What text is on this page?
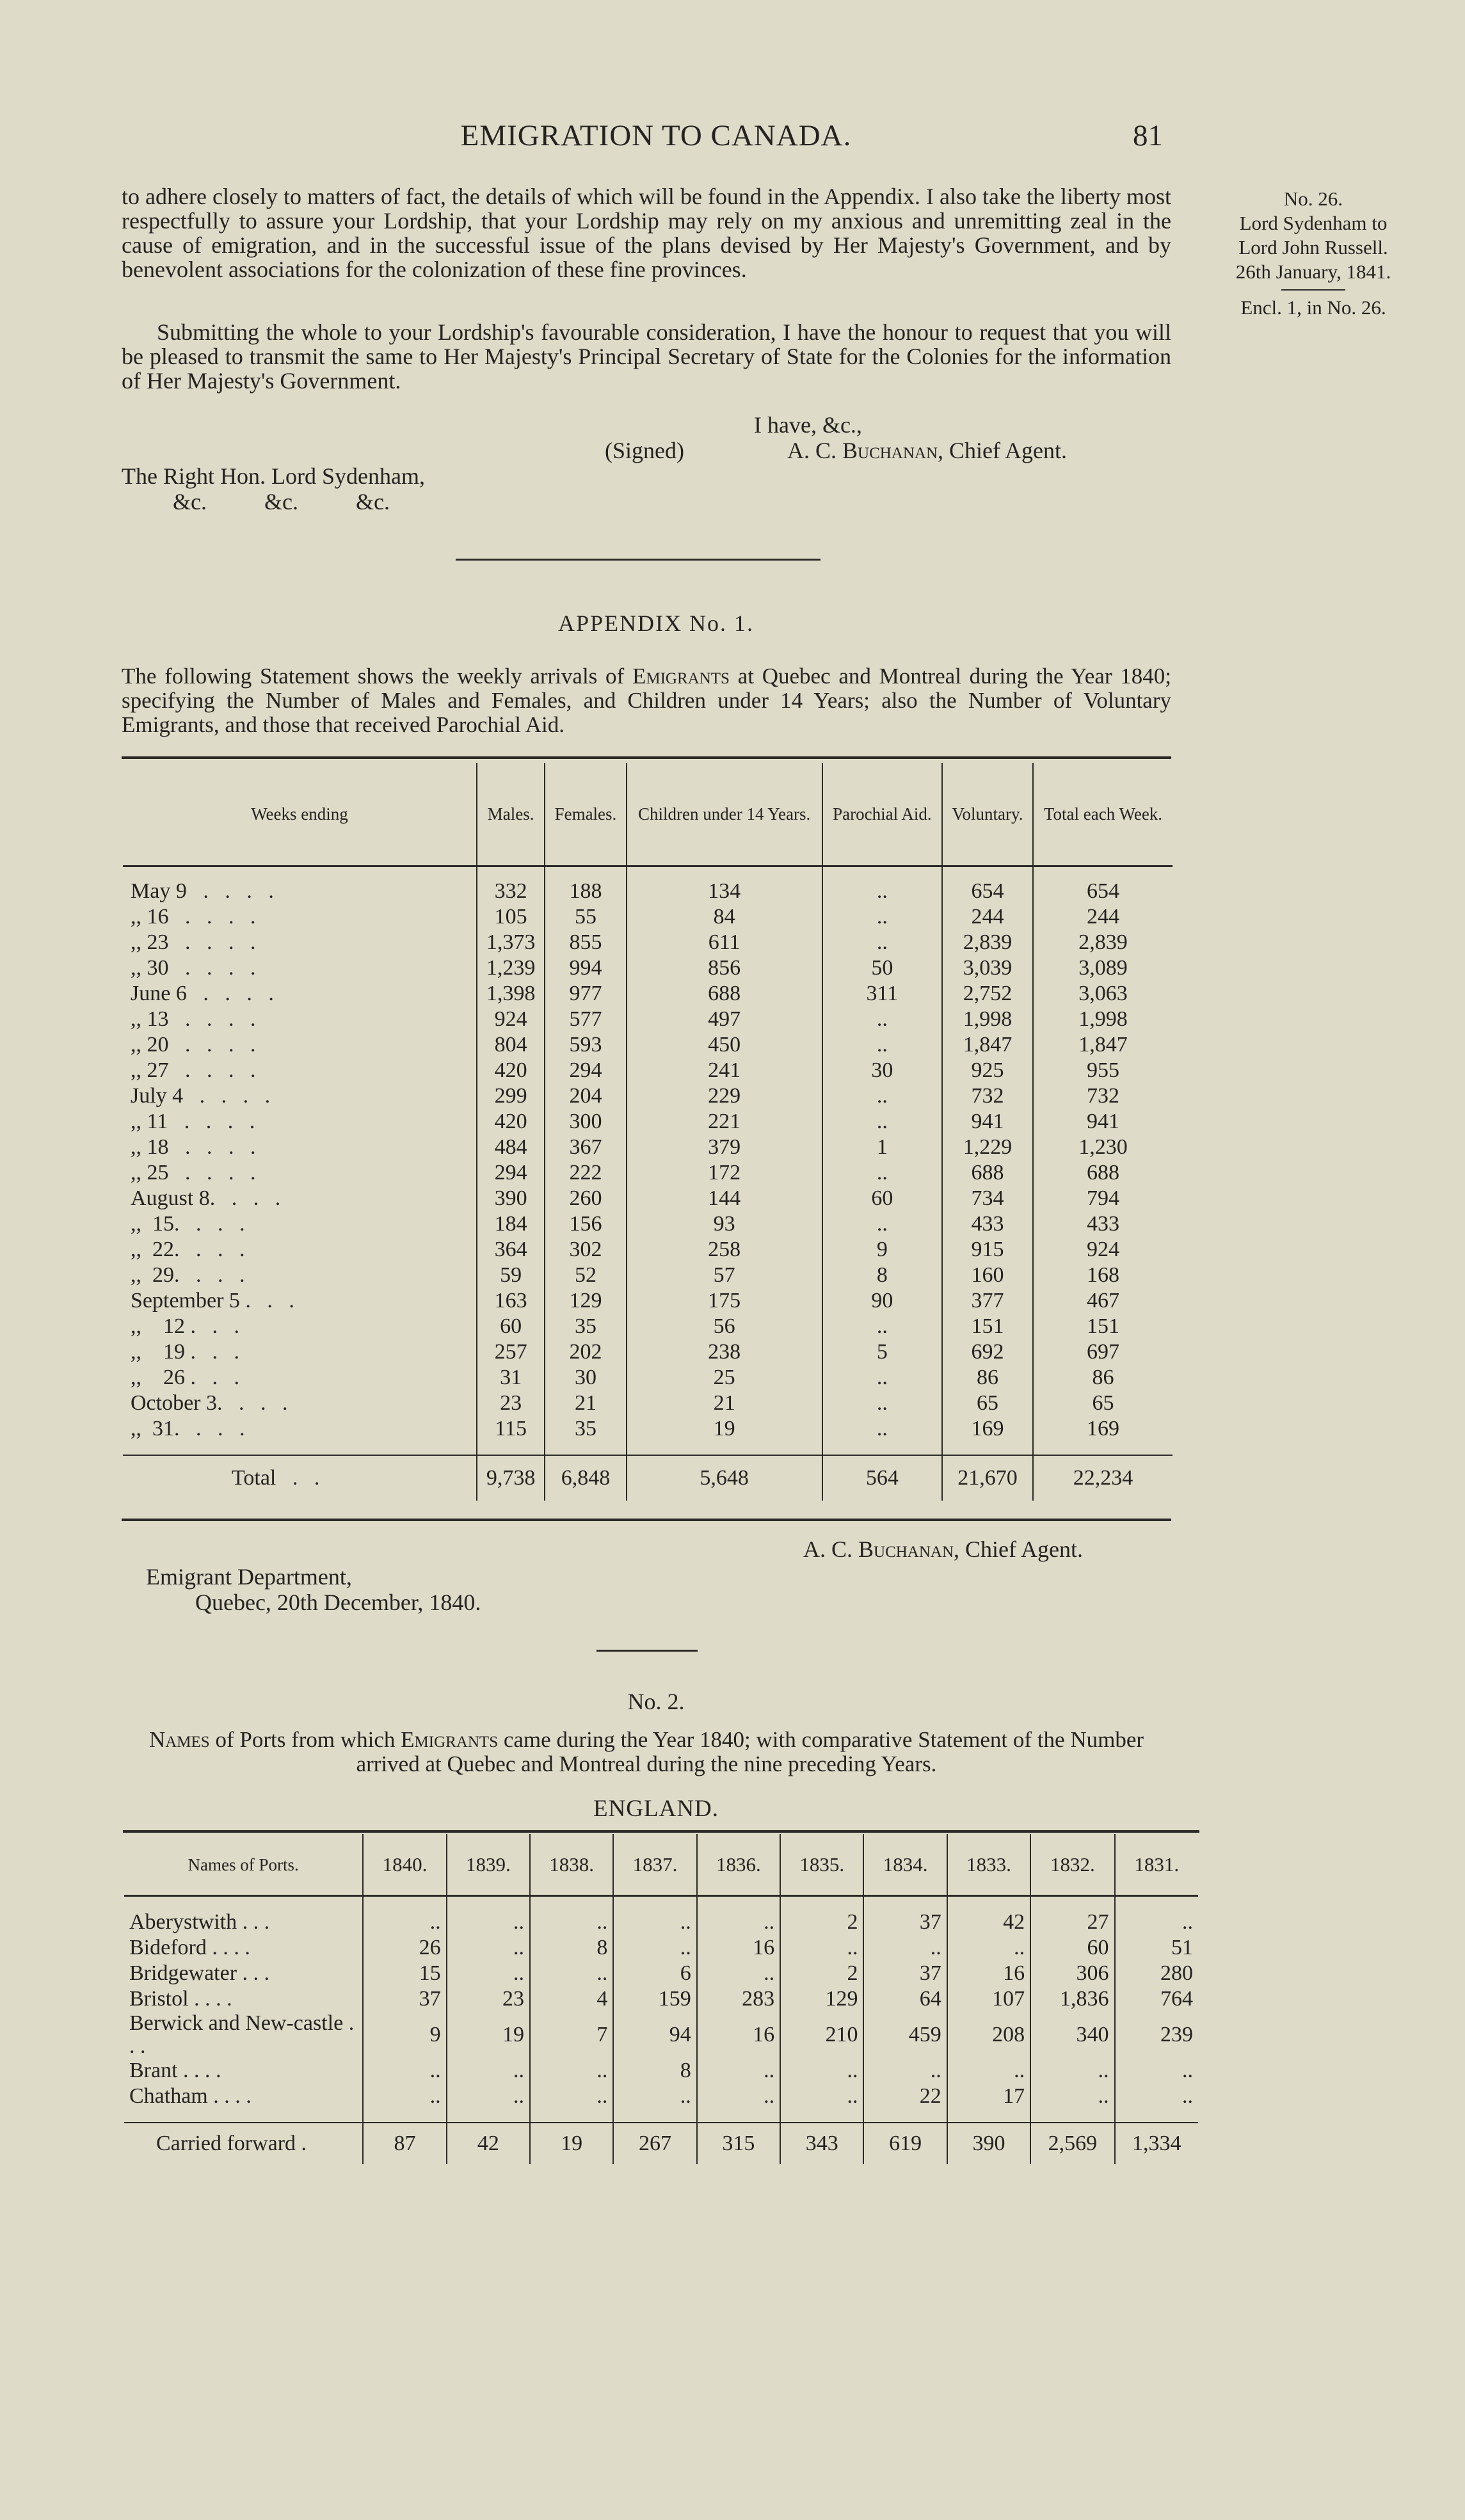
EMIGRATION TO CANADA.	81

to adhere closely to matters of fact, the details of which will be found in the Appendix. I also take the liberty most respectfully to assure your Lordship, that your Lordship may rely on my anxious and unremitting zeal in the cause of emigration, and in the successful issue of the plans devised by Her Majesty's Government, and by benevolent associations for the colonization of these fine provinces.

Submitting the whole to your Lordship's favourable consideration, I have the honour to request that you will be pleased to transmit the same to Her Majesty's Principal Secretary of State for the Colonies for the information of Her Majesty's Government.

I have, &c.,
(Signed)	A. C. Buchanan, Chief Agent.
The Right Hon. Lord Sydenham,
&c.          &c.          &c.
No. 26.
Lord Sydenham to
Lord John Russell.
26th January, 1841.
Encl. 1, in No. 26.
APPENDIX No. 1.

The following Statement shows the weekly arrivals of Emigrants at Quebec and Montreal during the Year 1840; specifying the Number of Males and Females, and Children under 14 Years; also the Number of Voluntary Emigrants, and those that received Parochial Aid.

Weeks ending	Males.	Females.	Children under 14 Years.	Parochial Aid.	Voluntary.	Total each Week.

May 9   .   .   .   .	332	188	134	..	654	654
,, 16   .   .   .   .	105	55	84	..	244	244
,, 23   .   .   .   .	1,373	855	611	..	2,839	2,839
,, 30   .   .   .   .	1,239	994	856	50	3,039	3,089
June 6   .   .   .   .	1,398	977	688	311	2,752	3,063
,, 13   .   .   .   .	924	577	497	..	1,998	1,998
,, 20   .   .   .   .	804	593	450	..	1,847	1,847
,, 27   .   .   .   .	420	294	241	30	925	955
July 4   .   .   .   .	299	204	229	..	732	732
,, 11   .   .   .   .	420	300	221	..	941	941
,, 18   .   .   .   .	484	367	379	1	1,229	1,230
,, 25   .   .   .   .	294	222	172	..	688	688
August 8.   .   .   .	390	260	144	60	734	794
,,  15.   .   .   .	184	156	93	..	433	433
,,  22.   .   .   .	364	302	258	9	915	924
,,  29.   .   .   .	59	52	57	8	160	168
September 5 .   .   .	163	129	175	90	377	467
,,    12 .   .   .	60	35	56	..	151	151
,,    19 .   .   .	257	202	238	5	692	697
,,    26 .   .   .	31	30	25	..	86	86
October 3.   .   .   .	23	21	21	..	65	65
,,  31.   .   .   .	115	35	19	..	169	169

Total   .   .	9,738	6,848	5,648	564	21,670	22,234
A. C. Buchanan, Chief Agent.
Emigrant Department,
Quebec, 20th December, 1840.
No. 2.

Names of Ports from which Emigrants came during the Year 1840; with comparative Statement of the Number arrived at Quebec and Montreal during the nine preceding Years.

ENGLAND.
Names of Ports.	1840.	1839.	1838.	1837.	1836.	1835.	1834.	1833.	1832.	1831.

Aberystwith . . .	..	..	..	..	..	2	37	42	27	..
Bideford . . . .	26	..	8	..	16	..	..	..	60	51
Bridgewater . . .	15	..	..	6	..	2	37	16	306	280
Bristol . . . .	37	23	4	159	283	129	64	107	1,836	764
Berwick and New-castle . . .	9	19	7	94	16	210	459	208	340	239
Brant . . . .	..	..	..	8	..	..	..	..	..	..
Chatham . . . .	..	..	..	..	..	..	22	17	..	..

Carried forward .	87	42	19	267	315	343	619	390	2,569	1,334
